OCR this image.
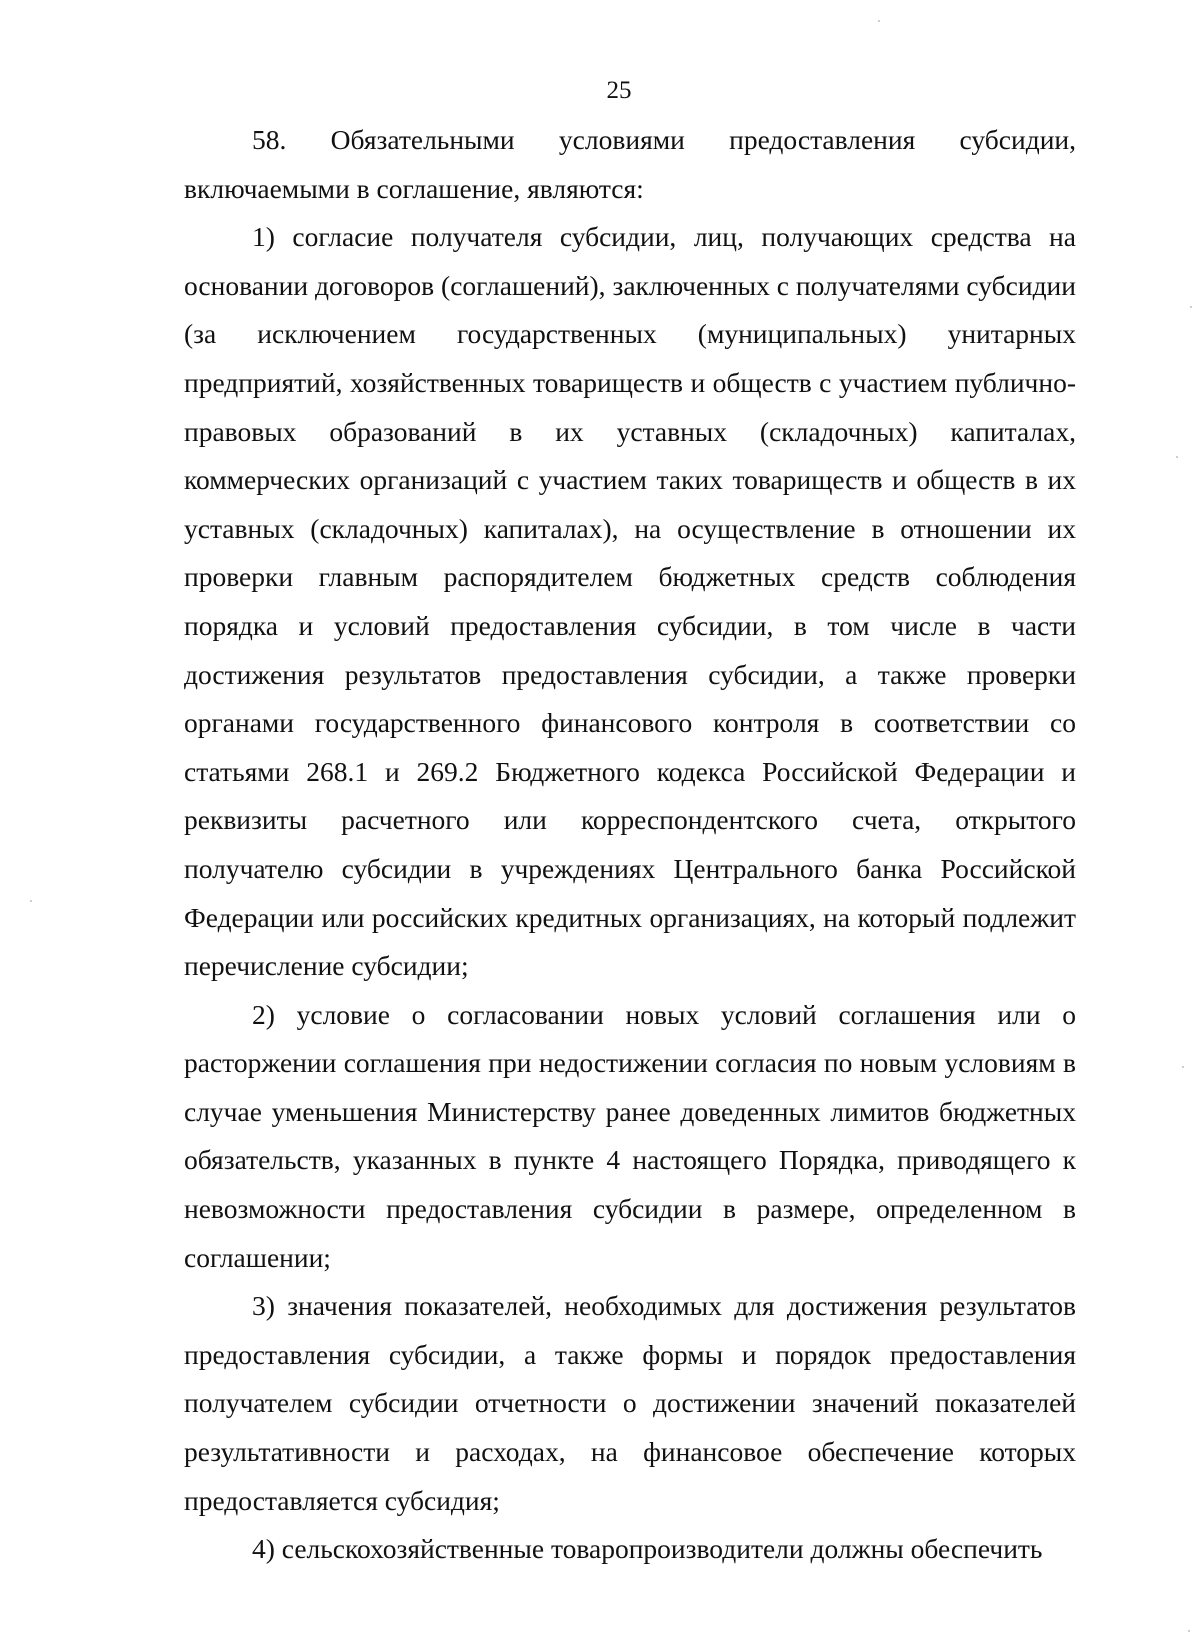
25

58. Обязательными условиями предоставления субсидии, включаемыми в соглашение, являются:

1) согласие получателя субсидии, лиц, получающих средства на основании договоров (соглашений), заключенных с получателями субсидии (за исключением государственных (муниципальных) унитарных предприятий, хозяйственных товариществ и обществ с участием публично-правовых образований в их уставных (складочных) капиталах, коммерческих организаций с участием таких товариществ и обществ в их уставных (складочных) капиталах), на осуществление в отношении их проверки главным распорядителем бюджетных средств соблюдения порядка и условий предоставления субсидии, в том числе в части достижения результатов предоставления субсидии, а также проверки органами государственного финансового контроля в соответствии со статьями 268.1 и 269.2 Бюджетного кодекса Российской Федерации и реквизиты расчетного или корреспондентского счета, открытого получателю субсидии в учреждениях Центрального банка Российской Федерации или российских кредитных организациях, на который подлежит перечисление субсидии;

2) условие о согласовании новых условий соглашения или о расторжении соглашения при недостижении согласия по новым условиям в случае уменьшения Министерству ранее доведенных лимитов бюджетных обязательств, указанных в пункте 4 настоящего Порядка, приводящего к невозможности предоставления субсидии в размере, определенном в соглашении;

3) значения показателей, необходимых для достижения результатов предоставления субсидии, а также формы и порядок предоставления получателем субсидии отчетности о достижении значений показателей результативности и расходах, на финансовое обеспечение которых предоставляется субсидия;

4) сельскохозяйственные товаропроизводители должны обеспечить
